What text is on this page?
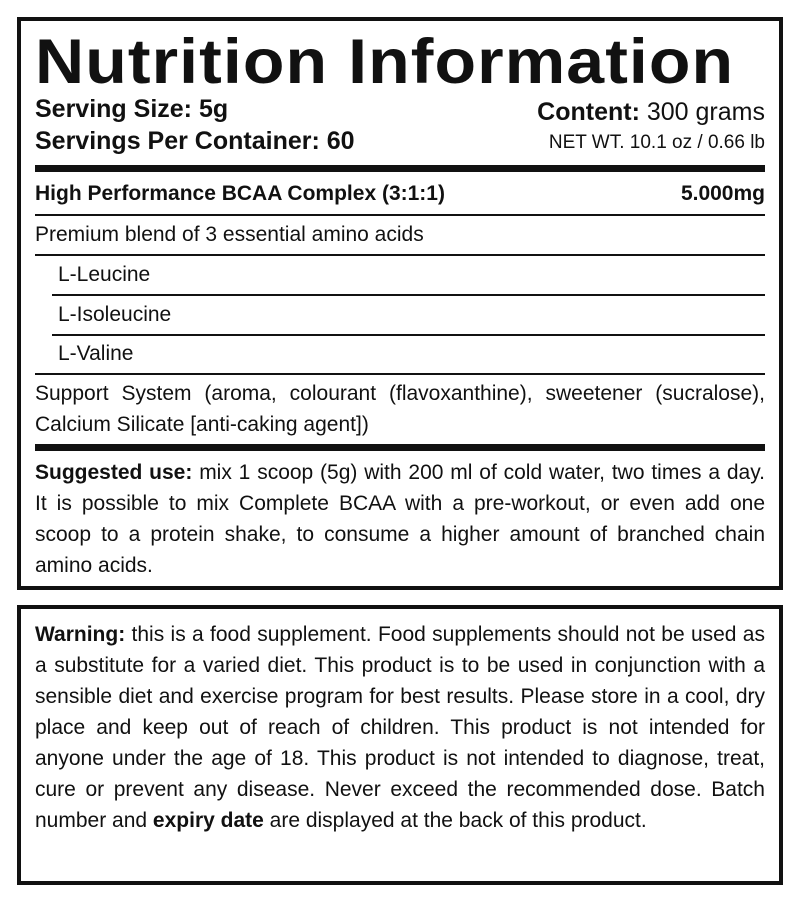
Nutrition Information
Serving Size: 5g
Servings Per Container: 60
Content: 300 grams
NET WT. 10.1 oz / 0.66 lb
High Performance BCAA Complex (3:1:1)	5.000mg
Premium blend of 3 essential amino acids
L-Leucine
L-Isoleucine
L-Valine
Support System (aroma, colourant (flavoxanthine), sweetener (sucralose), Calcium Silicate [anti-caking agent])
Suggested use: mix 1 scoop (5g) with 200 ml of cold water, two times a day. It is possible to mix Complete BCAA with a pre-workout, or even add one scoop to a protein shake, to consume a higher amount of branched chain amino acids.
Warning: this is a food supplement. Food supplements should not be used as a substitute for a varied diet. This product is to be used in conjunction with a sensible diet and exercise program for best results. Please store in a cool, dry place and keep out of reach of children. This product is not intended for anyone under the age of 18. This product is not intended to diagnose, treat, cure or prevent any disease. Never exceed the recommended dose. Batch number and expiry date are displayed at the back of this product.
